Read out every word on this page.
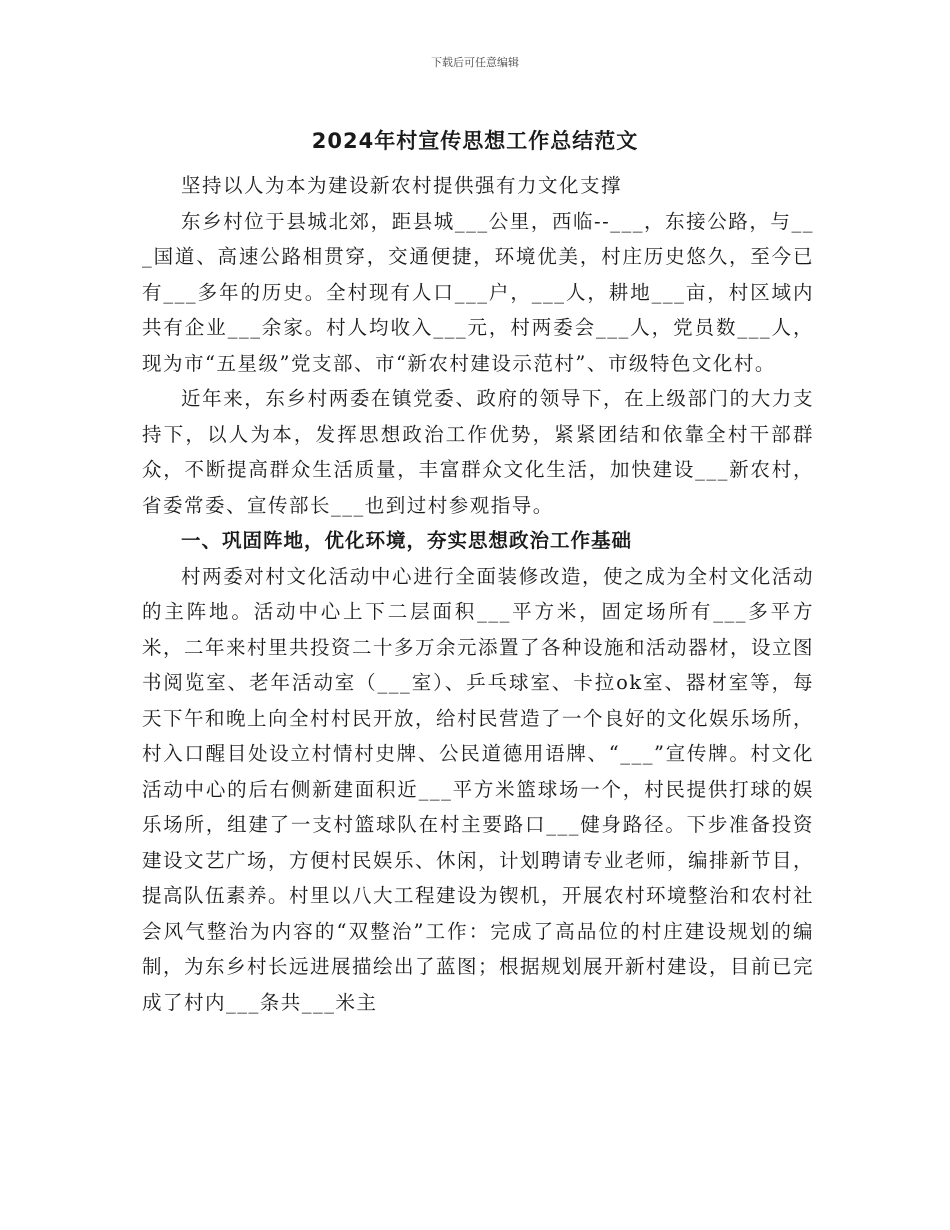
下载后可任意编辑
2024年村宣传思想工作总结范文

坚持以人为本为建设新农村提供强有力文化支撑

东乡村位于县城北郊，距县城___公里，西临--___，东接公路，与___国道、高速公路相贯穿，交通便捷，环境优美，村庄历史悠久，至今已有___多年的历史。全村现有人口___户，___人，耕地___亩，村区域内共有企业___余家。村人均收入___元，村两委会___人，党员数___人，现为市“五星级”党支部、市“新农村建设示范村”、市级特色文化村。

近年来，东乡村两委在镇党委、政府的领导下，在上级部门的大力支持下，以人为本，发挥思想政治工作优势，紧紧团结和依靠全村干部群众，不断提高群众生活质量，丰富群众文化生活，加快建设___新农村，省委常委、宣传部长___也到过村参观指导。

一、巩固阵地，优化环境，夯实思想政治工作基础

村两委对村文化活动中心进行全面装修改造，使之成为全村文化活动的主阵地。活动中心上下二层面积___平方米，固定场所有___多平方米，二年来村里共投资二十多万余元添置了各种设施和活动器材，设立图书阅览室、老年活动室（___室）、乒乓球室、卡拉ok室、器材室等，每天下午和晚上向全村村民开放，给村民营造了一个良好的文化娱乐场所，村入口醒目处设立村情村史牌、公民道德用语牌、“___”宣传牌。村文化活动中心的后右侧新建面积近___平方米篮球场一个，村民提供打球的娱乐场所，组建了一支村篮球队在村主要路口___健身路径。下步准备投资建设文艺广场，方便村民娱乐、休闲，计划聘请专业老师，编排新节目，提高队伍素养。村里以八大工程建设为锲机，开展农村环境整治和农村社会风气整治为内容的“双整治”工作：完成了高品位的村庄建设规划的编制，为东乡村长远进展描绘出了蓝图；根据规划展开新村建设，目前已完成了村内___条共___米主
